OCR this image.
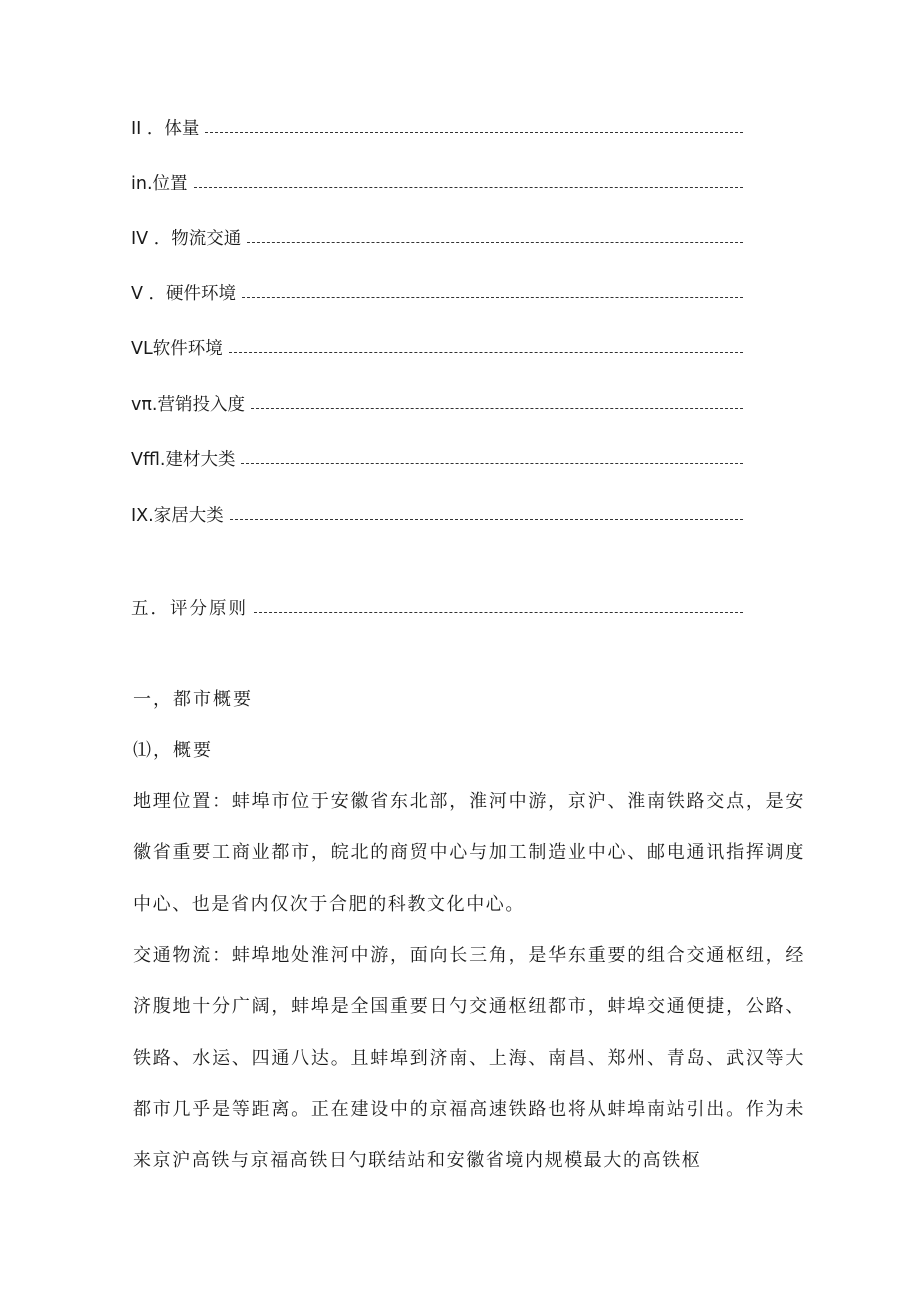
II ．体量
in.位置
IV ．物流交通
V ．硬件环境
VL软件环境
vπ.营销投入度
Vffl.建材大类
IX.家居大类
五．评分原则
一，都市概要
⑴，概要

地理位置：蚌埠市位于安徽省东北部，淮河中游，京沪、淮南铁路交点，是安徽省重要工商业都市，皖北的商贸中心与加工制造业中心、邮电通讯指挥调度中心、也是省内仅次于合肥的科教文化中心。

交通物流：蚌埠地处淮河中游，面向长三角，是华东重要的组合交通枢纽，经济腹地十分广阔，蚌埠是全国重要日勺交通枢纽都市，蚌埠交通便捷，公路、铁路、水运、四通八达。且蚌埠到济南、上海、南昌、郑州、青岛、武汉等大都市几乎是等距离。正在建设中的京福高速铁路也将从蚌埠南站引出。作为未来京沪高铁与京福高铁日勺联结站和安徽省境内规模最大的高铁枢
